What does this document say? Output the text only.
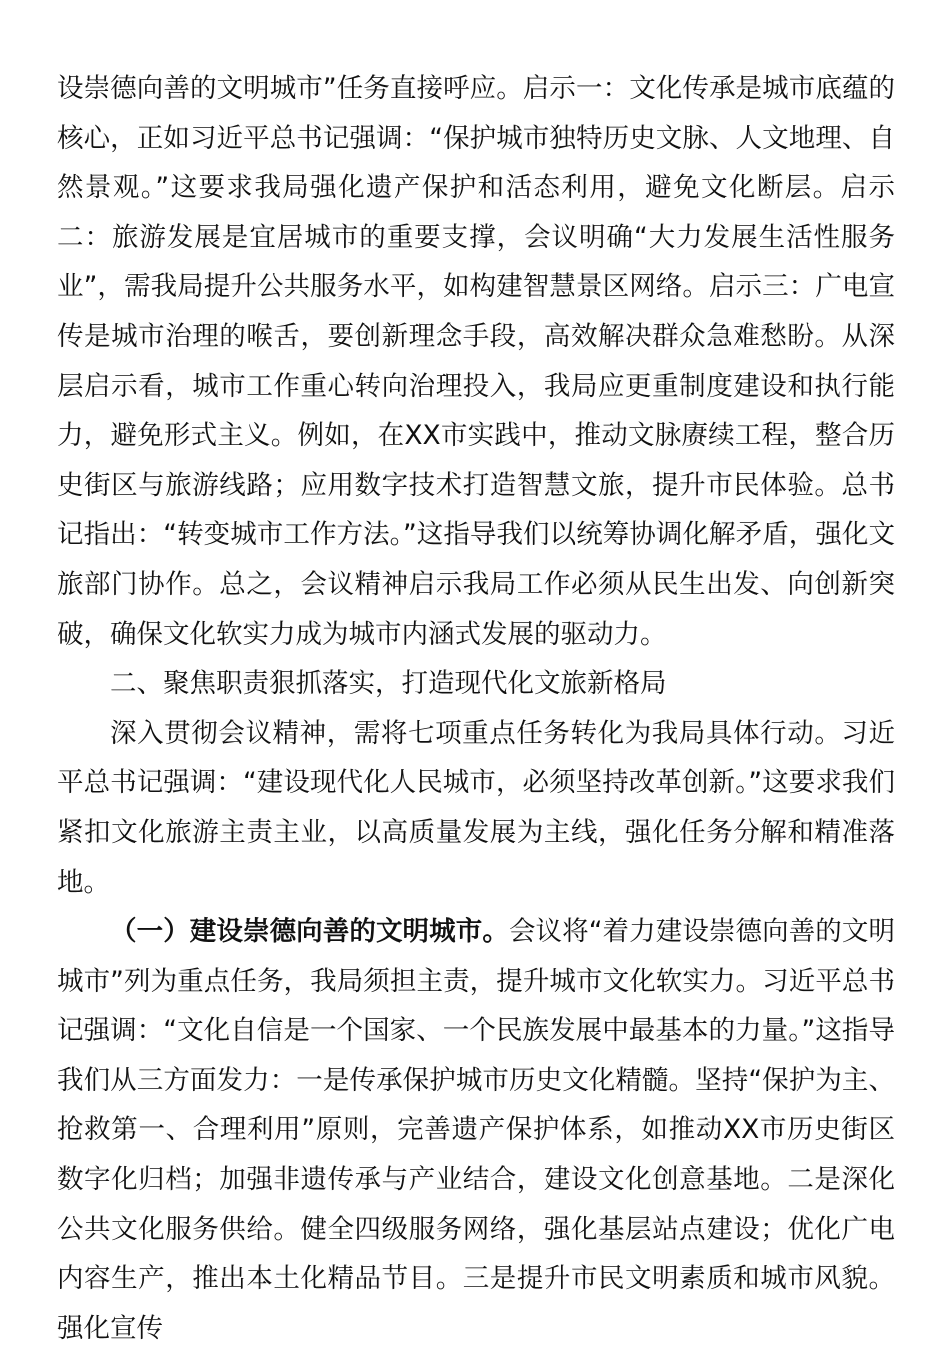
设崇德向善的文明城市”任务直接呼应。启示一：文化传承是城市底蕴的核心，正如习近平总书记强调：“保护城市独特历史文脉、人文地理、自然景观。”这要求我局强化遗产保护和活态利用，避免文化断层。启示二：旅游发展是宜居城市的重要支撑，会议明确“大力发展生活性服务业”，需我局提升公共服务水平，如构建智慧景区网络。启示三：广电宣传是城市治理的喉舌，要创新理念手段，高效解决群众急难愁盼。从深层启示看，城市工作重心转向治理投入，我局应更重制度建设和执行能力，避免形式主义。例如，在XX市实践中，推动文脉赓续工程，整合历史街区与旅游线路；应用数字技术打造智慧文旅，提升市民体验。总书记指出：“转变城市工作方法。”这指导我们以统筹协调化解矛盾，强化文旅部门协作。总之，会议精神启示我局工作必须从民生出发、向创新突破，确保文化软实力成为城市内涵式发展的驱动力。

二、聚焦职责狠抓落实，打造现代化文旅新格局

深入贯彻会议精神，需将七项重点任务转化为我局具体行动。习近平总书记强调：“建设现代化人民城市，必须坚持改革创新。”这要求我们紧扣文化旅游主责主业，以高质量发展为主线，强化任务分解和精准落地。

（一）建设崇德向善的文明城市。会议将“着力建设崇德向善的文明城市”列为重点任务，我局须担主责，提升城市文化软实力。习近平总书记强调：“文化自信是一个国家、一个民族发展中最基本的力量。”这指导我们从三方面发力：一是传承保护城市历史文化精髓。坚持“保护为主、抢救第一、合理利用”原则，完善遗产保护体系，如推动XX市历史街区数字化归档；加强非遗传承与产业结合，建设文化创意基地。二是深化公共文化服务供给。健全四级服务网络，强化基层站点建设；优化广电内容生产，推出本土化精品节目。三是提升市民文明素质和城市风貌。强化宣传
